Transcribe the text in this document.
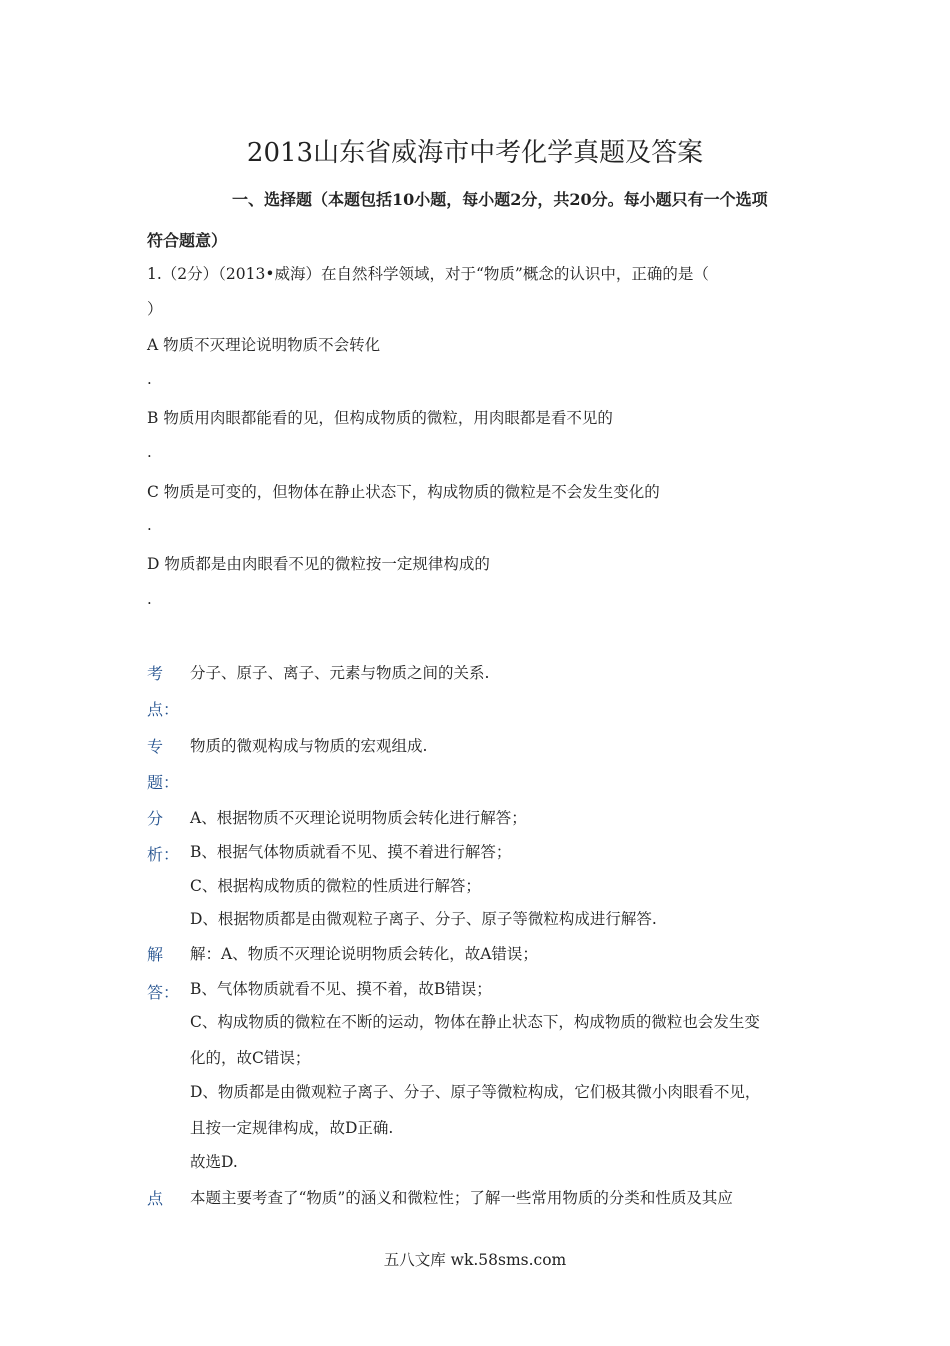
2013山东省威海市中考化学真题及答案
一、选择题（本题包括10小题，每小题2分，共20分。每小题只有一个选项
符合题意）
1.（2分）（2013•威海）在自然科学领域，对于“物质”概念的认识中，正确的是（
）
A 物质不灭理论说明物质不会转化
.
B 物质用肉眼都能看的见，但构成物质的微粒，用肉眼都是看不见的
.
C 物质是可变的，但物体在静止状态下，构成物质的微粒是不会发生变化的
.
D 物质都是由肉眼看不见的微粒按一定规律构成的
.
考
点：
分子、原子、离子、元素与物质之间的关系.
专
题：
物质的微观构成与物质的宏观组成.
分
析：
A、根据物质不灭理论说明物质会转化进行解答；
B、根据气体物质就看不见、摸不着进行解答；
C、根据构成物质的微粒的性质进行解答；
D、根据物质都是由微观粒子离子、分子、原子等微粒构成进行解答.
解
答：
解：A、物质不灭理论说明物质会转化，故A错误；
B、气体物质就看不见、摸不着，故B错误；
C、构成物质的微粒在不断的运动，物体在静止状态下，构成物质的微粒也会发生变
化的，故C错误；
D、物质都是由微观粒子离子、分子、原子等微粒构成，它们极其微小肉眼看不见，
且按一定规律构成，故D正确.
故选D.
点 本题主要考查了“物质”的涵义和微粒性；了解一些常用物质的分类和性质及其应
五八文库 wk.58sms.com
